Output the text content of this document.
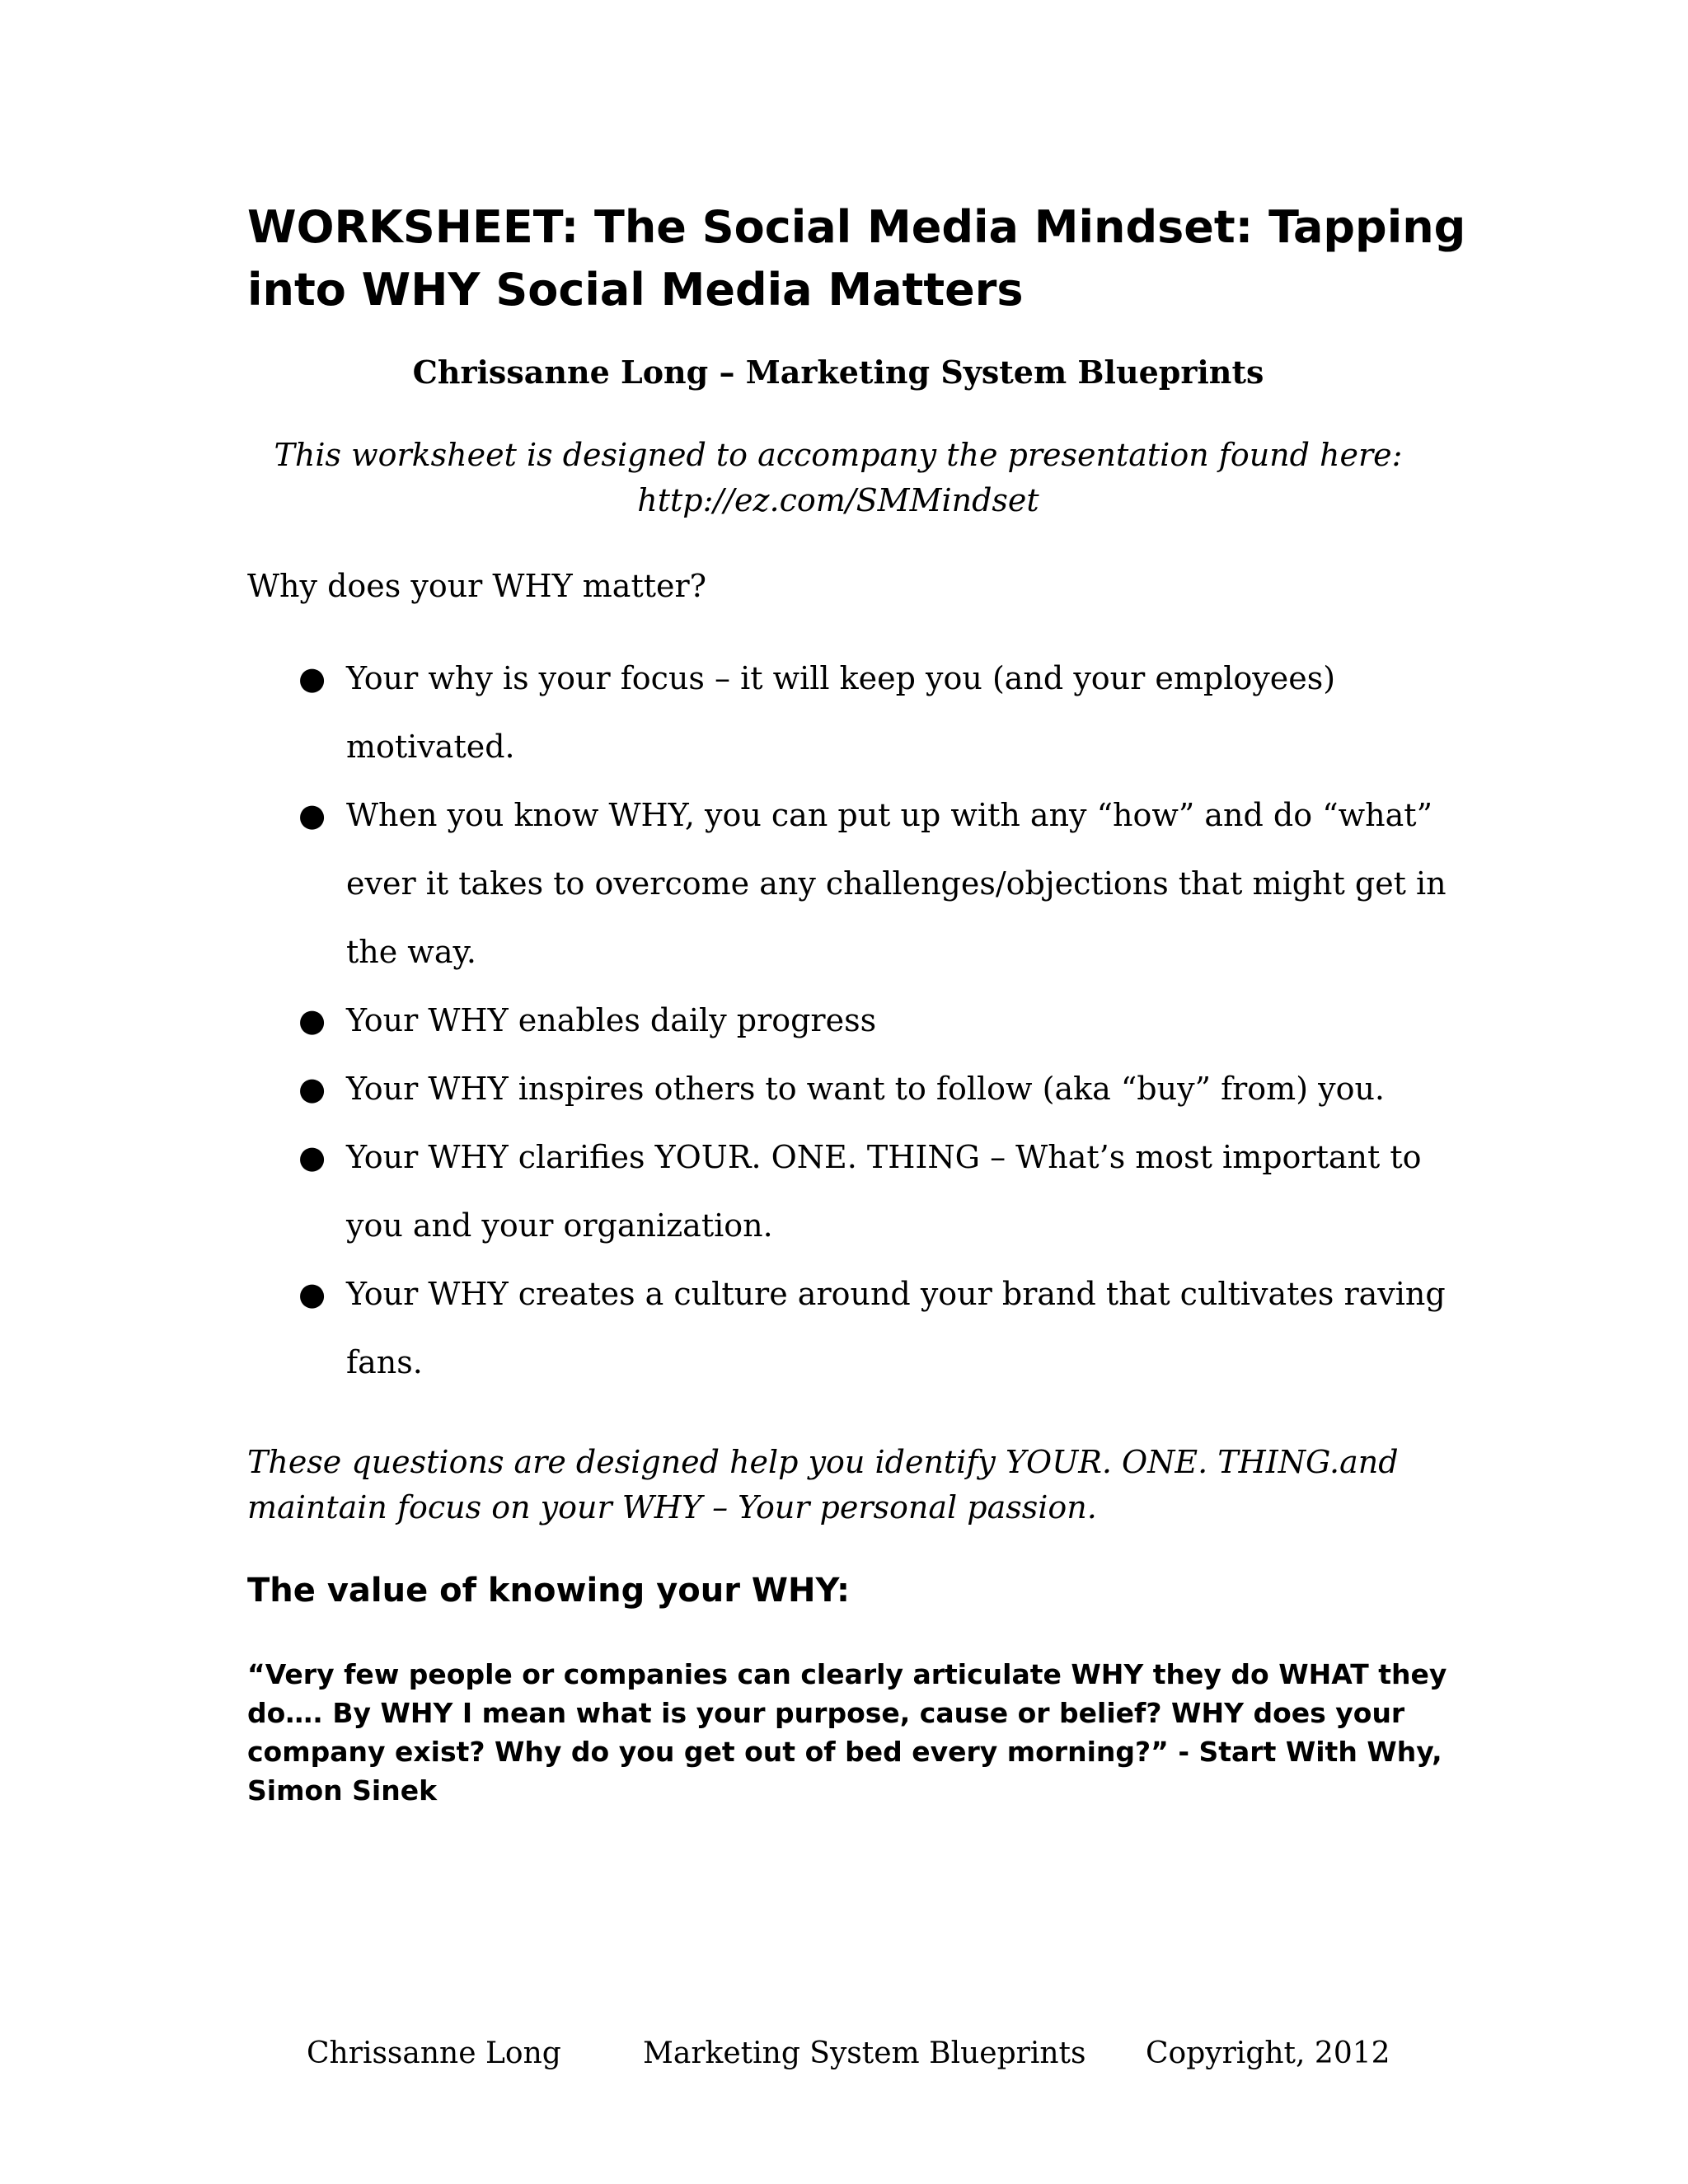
WORKSHEET: The Social Media Mindset: Tapping into WHY Social Media Matters

Chrissanne Long – Marketing System Blueprints

This worksheet is designed to accompany the presentation found here:
http://ez.com/SMMindset

Why does your WHY matter?

● Your why is your focus – it will keep you (and your employees) motivated.
● When you know WHY, you can put up with any “how” and do “what” ever it takes to overcome any challenges/objections that might get in the way.
● Your WHY enables daily progress
● Your WHY inspires others to want to follow (aka “buy” from) you.
● Your WHY clarifies YOUR. ONE. THING – What’s most important to you and your organization.
● Your WHY creates a culture around your brand that cultivates raving fans.

These questions are designed help you identify YOUR. ONE. THING.and
maintain focus on your WHY – Your personal passion.

The value of knowing your WHY:
“Very few people or companies can clearly articulate WHY they do WHAT they
do…. By WHY I mean what is your purpose, cause or belief? WHY does your
company exist? Why do you get out of bed every morning?” - Start With Why,
Simon Sinek
Chrissanne Long	Marketing System Blueprints Copyright, 2012
